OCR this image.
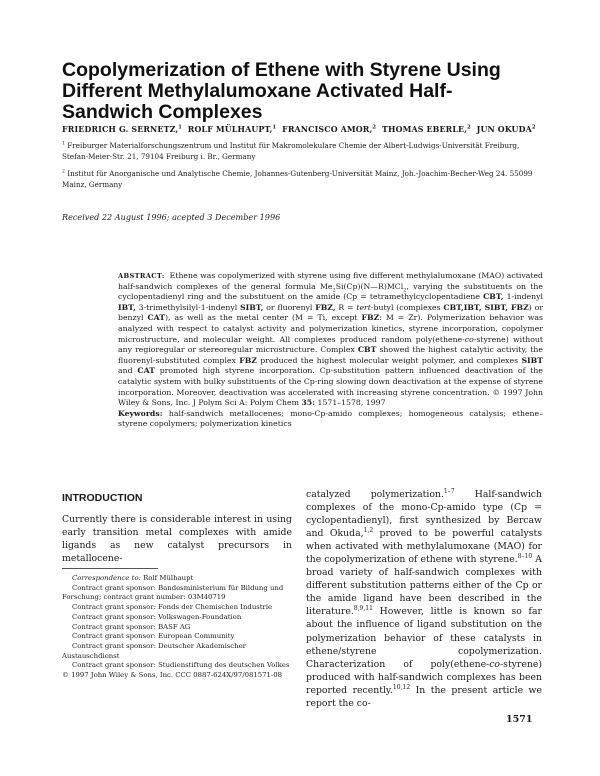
Copolymerization of Ethene with Styrene Using Different Methylalumoxane Activated Half-Sandwich Complexes
FRIEDRICH G. SERNETZ,$^1$ ROLF MÜLHAUPT,$^1$ FRANCISCO AMOR,$^2$ THOMAS EBERLE,$^2$ JUN OKUDA$^2$
$^1$ Freiburger Materialforschungszentrum und Institut für Makromolekulare Chemie der Albert-Ludwigs-Universität Freiburg, Stefan-Meier-Str. 21, 79104 Freiburg i. Br., Germany
$^2$ Institut für Anorganische und Analytische Chemie, Johannes-Gutenberg-Universität Mainz, Joh.-Joachim-Becher-Weg 24. 55099 Mainz, Germany
Received 22 August 1996; acepted 3 December 1996

ABSTRACT: Ethene was copolymerized with styrene using five different methylalumoxane (MAO) activated half-sandwich complexes of the general formula $Me_2Si(Cp)(N—R)MCl_2$, varying the substituents on the cyclopentadienyl ring and the substituent on the amide (Cp = tetramethylcyclopentadiene CBT, 1-indenyl IBT, 3-trimethylsilyl-1-indenyl SIBT, or fluorenyl FBZ, R = tert-butyl (complexes CBT,IBT, SIBT, FBZ) or benzyl CAT), as well as the metal center (M = Ti, except FBZ: M = Zr). Polymerization behavior was analyzed with respect to catalyst activity and polymerization kinetics, styrene incorporation, copolymer microstructure, and molecular weight. All complexes produced random poly(ethene-co-styrene) without any regioregular or stereoregular microstructure. Complex CBT showed the highest catalytic activity, the fluorenyl-substituted complex FBZ produced the highest molecular weight polymer, and complexes SIBT and CAT promoted high styrene incorporation. Cp-substitution pattern influenced deactivation of the catalytic system with bulky substituents of the Cp-ring slowing down deactivation at the expense of styrene incorporation. Moreover, deactivation was accelerated with increasing styrene concentration. © 1997 John Wiley & Sons, Inc. J Polym Sci A: Polym Chem 35: 1571–1578, 1997

Keywords: half-sandwich metallocenes; mono-Cp-amido complexes; homogeneous catalysis; ethene–styrene copolymers; polymerization kinetics

INTRODUCTION

Currently there is considerable interest in using early transition metal complexes with amide ligands as new catalyst precursors in metallocene-

catalyzed polymerization.$^{1-7}$ Half-sandwich complexes of the mono-Cp-amido type (Cp = cyclopentadienyl), first synthesized by Bercaw and Okuda,$^{1,2}$ proved to be powerful catalysts when activated with methylalumoxane (MAO) for the copolymerization of ethene with styrene.$^{8-10}$ A broad variety of half-sandwich complexes with different substitution patterns either of the Cp or the amide ligand have been described in the literature.$^{8,9,11}$ However, little is known so far about the influence of ligand substitution on the polymerization behavior of these catalysts in ethene/styrene copolymerization. Characterization of poly(ethene-co-styrene) produced with half-sandwich complexes has been reported recently.$^{10,12}$ In the present article we report the co-

Correspondence to: Rolf Mülhaupt
Contract grant sponsor: Bandesministerium für Bildung und Forschung; contract grant number: 03M40719
Contract grant sponsor: Fonds der Chemischen Industrie
Contract grant sponsor: Volkswagen-Foundation
Contract grant sponsor: BASF AG
Contract grant sponsor: European Community
Contract grant sponsor: Deutscher Akademischer Austauschdienst
Contract grant sponsor: Studienstiftung des deutschen Volkes
© 1997 John Wiley & Sons, Inc. CCC 0887-624X/97/081571-08
1571
